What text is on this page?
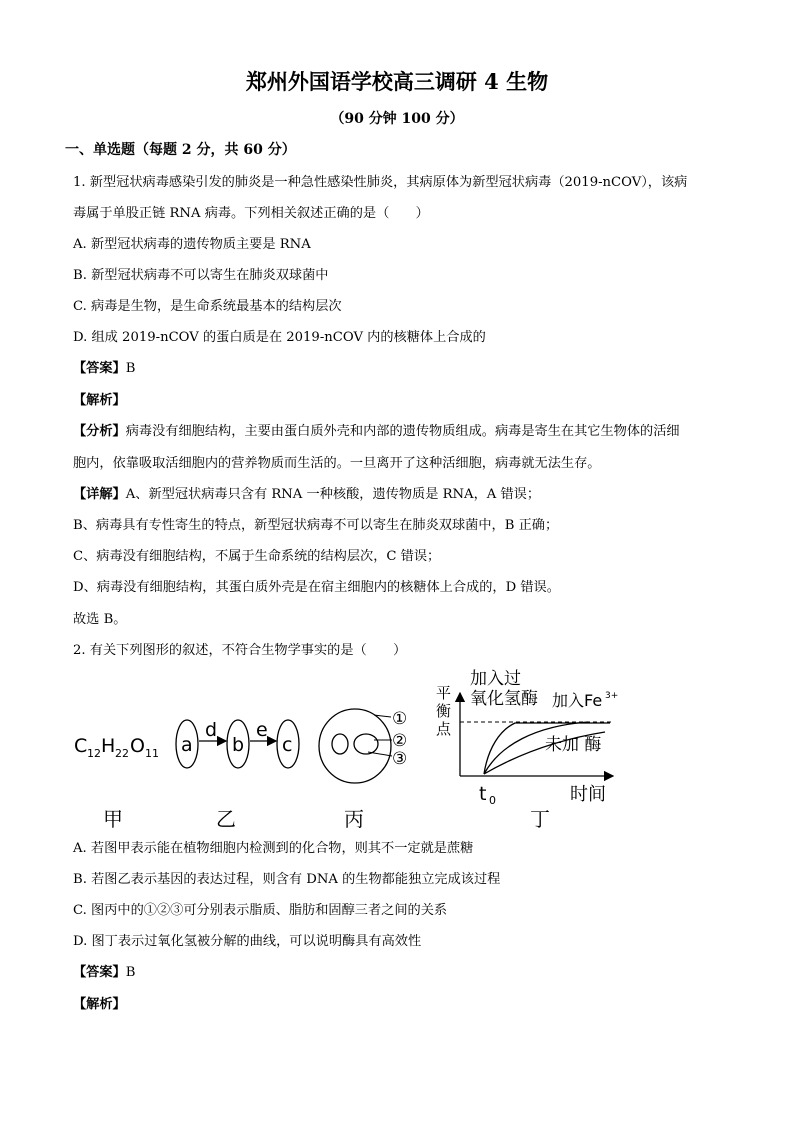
郑州外国语学校高三调研 4 生物
（90 分钟 100 分）
一、单选题（每题 2 分，共 60 分）
1. 新型冠状病毒感染引发的肺炎是一种急性感染性肺炎，其病原体为新型冠状病毒（2019-nCOV），该病
毒属于单股正链 RNA 病毒。下列相关叙述正确的是（　　）
A. 新型冠状病毒的遗传物质主要是 RNA
B. 新型冠状病毒不可以寄生在肺炎双球菌中
C. 病毒是生物，是生命系统最基本的结构层次
D. 组成 2019-nCOV 的蛋白质是在 2019-nCOV 内的核糖体上合成的
【答案】B
【解析】
【分析】病毒没有细胞结构，主要由蛋白质外壳和内部的遗传物质组成。病毒是寄生在其它生物体的活细
胞内，依靠吸取活细胞内的营养物质而生活的。一旦离开了这种活细胞，病毒就无法生存。
【详解】A、新型冠状病毒只含有 RNA 一种核酸，遗传物质是 RNA，A 错误；
B、病毒具有专性寄生的特点，新型冠状病毒不可以寄生在肺炎双球菌中，B 正确；
C、病毒没有细胞结构，不属于生命系统的结构层次，C 错误；
D、病毒没有细胞结构，其蛋白质外壳是在宿主细胞内的核糖体上合成的，D 错误。
故选 B。
2. 有关下列图形的叙述，不符合生物学事实的是（　　）
C 12 H 22 O 11
甲
a
d
b
e
c
乙
①
②
③
丙
平
衡
点
加入过
氧化氢酶 加入Fe 3+
未加 酶
t 0	时间
丁
A. 若图甲表示能在植物细胞内检测到的化合物，则其不一定就是蔗糖
B. 若图乙表示基因的表达过程，则含有 DNA 的生物都能独立完成该过程
C. 图丙中的①②③可分别表示脂质、脂肪和固醇三者之间的关系
D. 图丁表示过氧化氢被分解的曲线，可以说明酶具有高效性
【答案】B
【解析】
